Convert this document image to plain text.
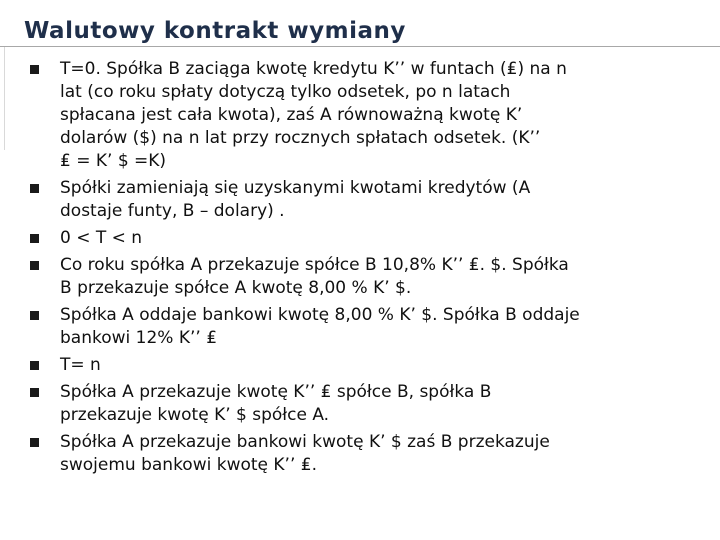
Walutowy kontrakt wymiany
T=0. Spółka B zaciąga kwotę kredytu K’’ w funtach (₤) na n
lat (co roku spłaty dotyczą tylko odsetek, po n latach
spłacana jest cała kwota), zaś A równoważną kwotę K’
dolarów ($) na n lat przy rocznych spłatach odsetek. (K’’
₤ = K’ $ =K)
Spółki zamieniają się uzyskanymi kwotami kredytów (A
dostaje funty, B – dolary) .
0 < T < n
Co roku spółka A przekazuje spółce B 10,8% K’’ ₤. $. Spółka
B przekazuje spółce A kwotę 8,00 % K’ $.
Spółka A oddaje bankowi kwotę 8,00 % K’ $. Spółka B oddaje
bankowi 12% K’’ ₤
T= n
Spółka A przekazuje kwotę K’’ ₤ spółce B, spółka B
przekazuje kwotę K’ $ spółce A.
Spółka A przekazuje bankowi kwotę K’ $ zaś B przekazuje
swojemu bankowi kwotę K’’ ₤.
